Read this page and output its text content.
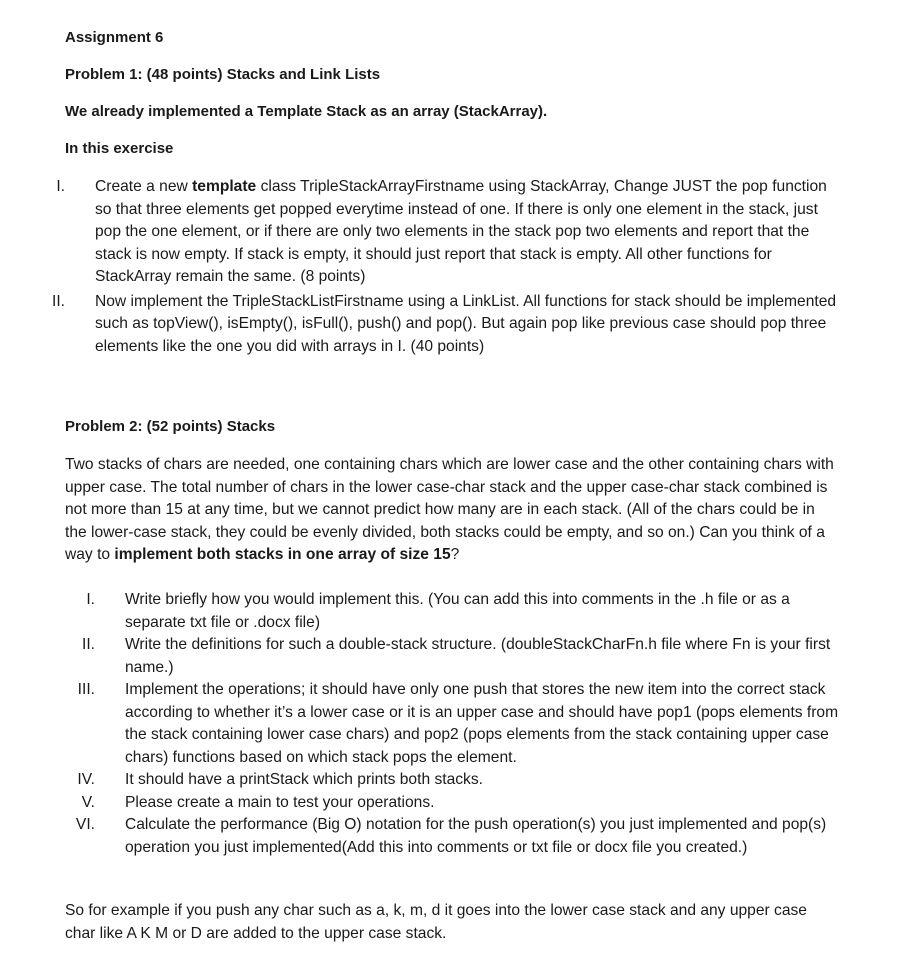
Assignment 6
Problem 1: (48 points) Stacks and Link Lists
We already implemented a Template Stack as an array (StackArray).
In this exercise
I. Create a new template class TripleStackArrayFirstname using StackArray, Change JUST the pop function so that three elements get popped everytime instead of one. If there is only one element in the stack, just pop the one element, or if there are only two elements in the stack pop two elements and report that the stack is now empty. If stack is empty, it should just report that stack is empty. All other functions for StackArray remain the same. (8 points)
II. Now implement the TripleStackListFirstname using a LinkList. All functions for stack should be implemented such as topView(), isEmpty(), isFull(), push() and pop(). But again pop like previous case should pop three elements like the one you did with arrays in I. (40 points)
Problem 2: (52 points) Stacks

Two stacks of chars are needed, one containing chars which are lower case and the other containing chars with upper case. The total number of chars in the lower case-char stack and the upper case-char stack combined is not more than 15 at any time, but we cannot predict how many are in each stack. (All of the chars could be in the lower-case stack, they could be evenly divided, both stacks could be empty, and so on.) Can you think of a way to implement both stacks in one array of size 15?

I. Write briefly how you would implement this. (You can add this into comments in the .h file or as a separate txt file or .docx file)
II. Write the definitions for such a double-stack structure. (doubleStackCharFn.h file where Fn is your first name.)
III. Implement the operations; it should have only one push that stores the new item into the correct stack according to whether it’s a lower case or it is an upper case and should have pop1 (pops elements from the stack containing lower case chars) and pop2 (pops elements from the stack containing upper case chars) functions based on which stack pops the element.
IV. It should have a printStack which prints both stacks.
V. Please create a main to test your operations.
VI. Calculate the performance (Big O) notation for the push operation(s) you just implemented and pop(s) operation you just implemented(Add this into comments or txt file or docx file you created.)

So for example if you push any char such as a, k, m, d it goes into the lower case stack and any upper case char like A K M or D are added to the upper case stack.
